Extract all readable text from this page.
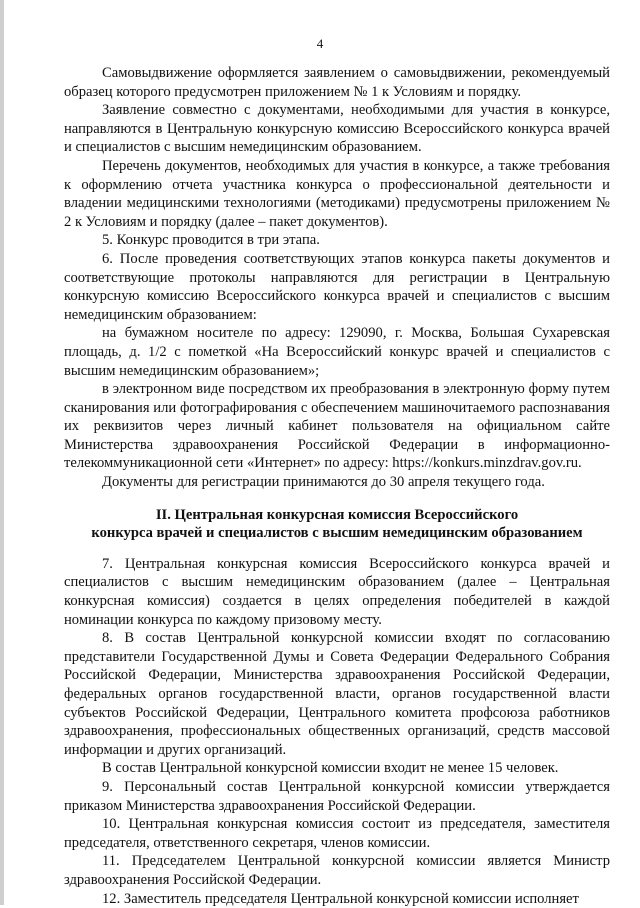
4

Самовыдвижение оформляется заявлением о самовыдвижении, рекомендуемый образец которого предусмотрен приложением № 1 к Условиям и порядку.

Заявление совместно с документами, необходимыми для участия в конкурсе, направляются в Центральную конкурсную комиссию Всероссийского конкурса врачей и специалистов с высшим немедицинским образованием.

Перечень документов, необходимых для участия в конкурсе, а также требования к оформлению отчета участника конкурса о профессиональной деятельности и владении медицинскими технологиями (методиками) предусмотрены приложением № 2 к Условиям и порядку (далее – пакет документов).

5. Конкурс проводится в три этапа.

6. После проведения соответствующих этапов конкурса пакеты документов и соответствующие протоколы направляются для регистрации в Центральную конкурсную комиссию Всероссийского конкурса врачей и специалистов с высшим немедицинским образованием:

на бумажном носителе по адресу: 129090, г. Москва, Большая Сухаревская площадь, д. 1/2 с пометкой «На Всероссийский конкурс врачей и специалистов с высшим немедицинским образованием»;

в электронном виде посредством их преобразования в электронную форму путем сканирования или фотографирования с обеспечением машиночитаемого распознавания их реквизитов через личный кабинет пользователя на официальном сайте Министерства здравоохранения Российской Федерации в информационно-телекоммуникационной сети «Интернет» по адресу: https://konkurs.minzdrav.gov.ru.

Документы для регистрации принимаются до 30 апреля текущего года.

II. Центральная конкурсная комиссия Всероссийского
конкурса врачей и специалистов с высшим немедицинским образованием

7. Центральная конкурсная комиссия Всероссийского конкурса врачей и специалистов с высшим немедицинским образованием (далее – Центральная конкурсная комиссия) создается в целях определения победителей в каждой номинации конкурса по каждому призовому месту.

8. В состав Центральной конкурсной комиссии входят по согласованию представители Государственной Думы и Совета Федерации Федерального Собрания Российской Федерации, Министерства здравоохранения Российской Федерации, федеральных органов государственной власти, органов государственной власти субъектов Российской Федерации, Центрального комитета профсоюза работников здравоохранения, профессиональных общественных организаций, средств массовой информации и других организаций.

В состав Центральной конкурсной комиссии входит не менее 15 человек.

9. Персональный состав Центральной конкурсной комиссии утверждается приказом Министерства здравоохранения Российской Федерации.

10. Центральная конкурсная комиссия состоит из председателя, заместителя председателя, ответственного секретаря, членов комиссии.

11. Председателем Центральной конкурсной комиссии является Министр здравоохранения Российской Федерации.

12. Заместитель председателя Центральной конкурсной комиссии исполняет
